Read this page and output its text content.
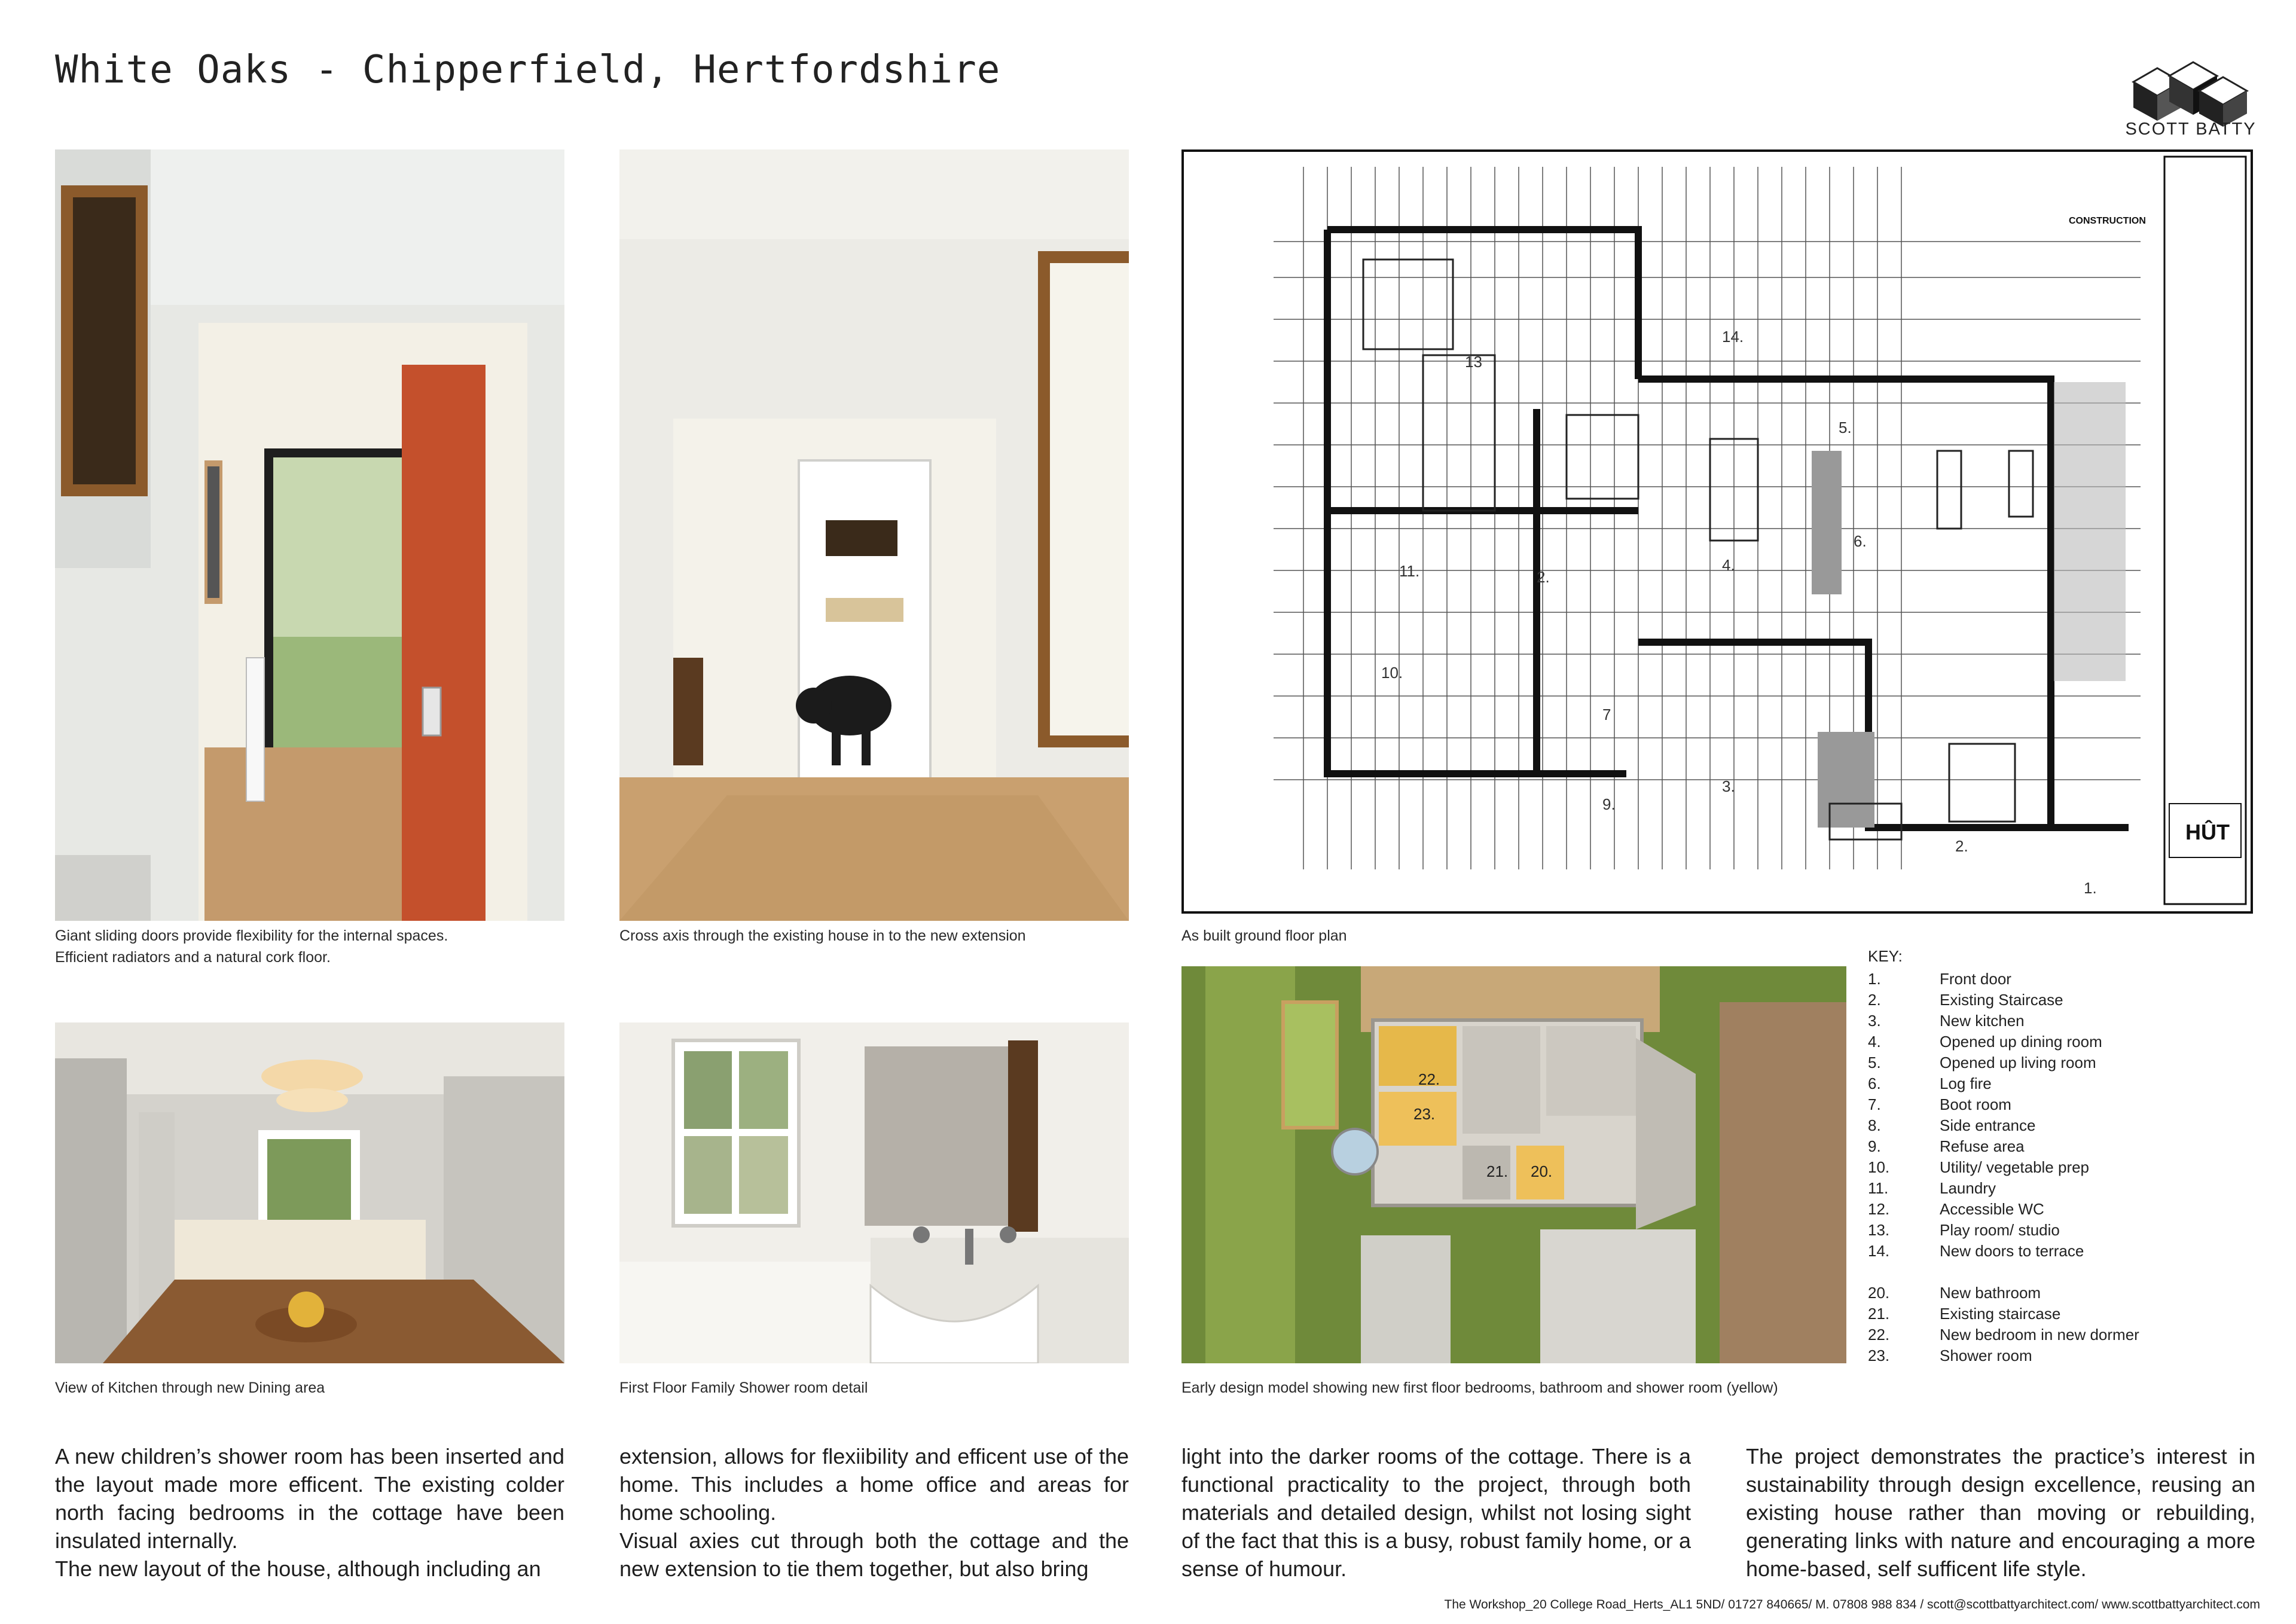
White Oaks - Chipperfield, Hertfordshire
SCOTT BATTY
Giant sliding doors provide flexibility for the internal spaces.
Efficient radiators and a natural cork floor.
Cross axis through the existing house in to the new extension
1.
2.
2.
3.
4.
5.
6.
7
9.
10.
11.
13
14.
CONSTRUCTION
HÛT
As built ground floor plan
View of Kitchen through new Dining area	First Floor Family Shower room detail
22.
23.
21. 20.
Early design model showing new first floor bedrooms, bathroom and shower room (yellow)
KEY:
1.	Front door
2.	Existing Staircase
3.	New kitchen
4.	Opened up dining room
5.	Opened up living room
6.	Log fire
7.	Boot room
8.	Side entrance
9.	Refuse area
10.	Utility/ vegetable prep
11.	Laundry
12.	Accessible WC
13.	Play room/ studio
14.	New doors to terrace
20.	New bathroom
21.	Existing staircase
22.	New bedroom in new dormer
23.	Shower room

A new children’s shower room has been inserted and the layout made more efficent. The existing colder north facing bedrooms in the cottage have been insulated internally.

The new layout of the house, although including an

extension, allows for flexiibility and efficent use of the home. This includes a home office and areas for home schooling.

Visual axies cut through both the cottage and the new extension to tie them together, but also bring

light into the darker rooms of the cottage. There is a functional practicality to the project, through both materials and detailed design, whilst not losing sight of the fact that this is a busy, robust family home, or a sense of humour.

The project demonstrates the practice’s interest in sustainability through design excellence, reusing an existing house rather than moving or rebuilding, generating links with nature and encouraging a more home-based, self sufficent life style.

The Workshop_20 College Road_Herts_AL1 5ND/ 01727 840665/ M. 07808 988 834 / scott@scottbattyarchitect.com/ www.scottbattyarchitect.com
